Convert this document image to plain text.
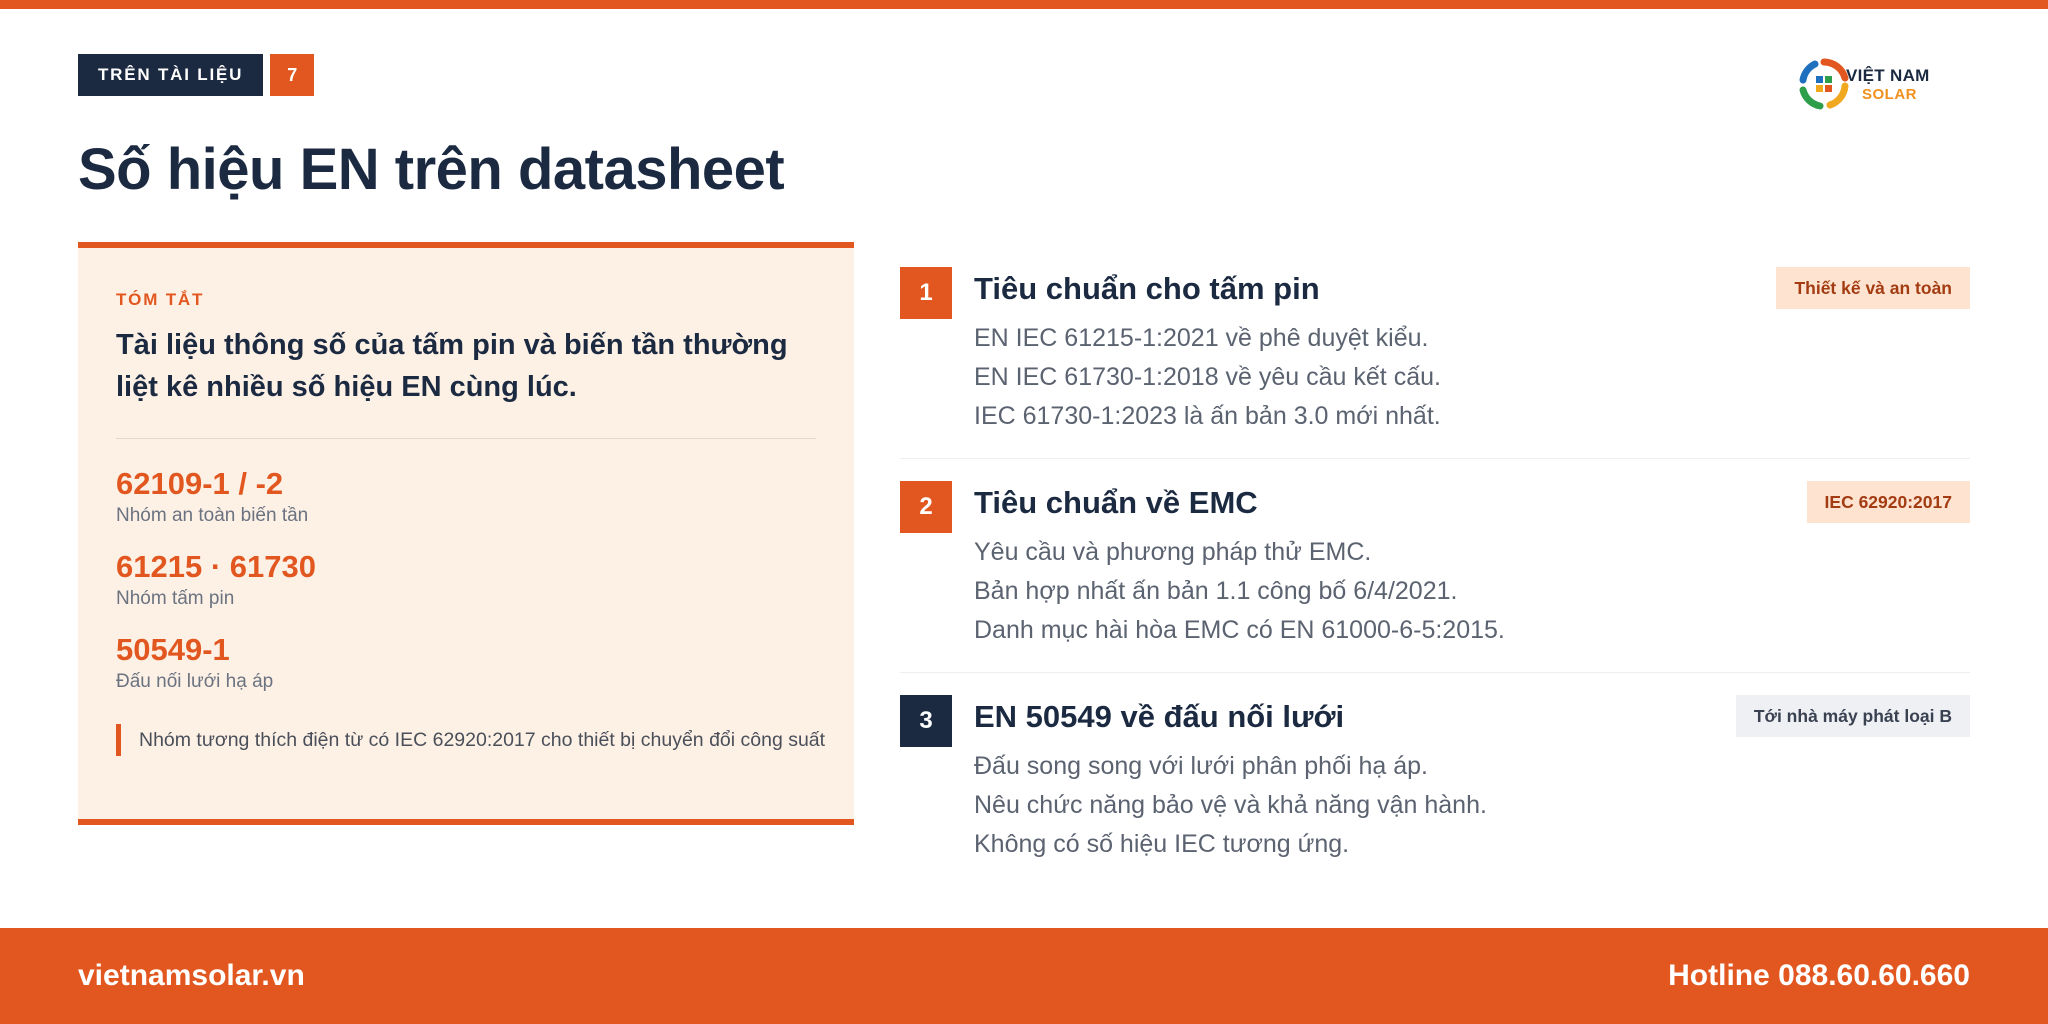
TRÊN TÀI LIỆU	7	VIỆT NAM
SOLAR
Số hiệu EN trên datasheet
TÓM TẮT
Tài liệu thông số của tấm pin và biến tần thường liệt kê nhiều số hiệu EN cùng lúc.
62109-1 / -2
Nhóm an toàn biến tần
61215 · 61730
Nhóm tấm pin
50549-1
Đấu nối lưới hạ áp
Nhóm tương thích điện từ có IEC 62920:2017 cho thiết bị chuyển đổi công suất
1	Tiêu chuẩn cho tấm pin	Thiết kế và an toàn
EN IEC 61215-1:2021 về phê duyệt kiểu.
EN IEC 61730-1:2018 về yêu cầu kết cấu.
IEC 61730-1:2023 là ấn bản 3.0 mới nhất.
2	Tiêu chuẩn về EMC	IEC 62920:2017
Yêu cầu và phương pháp thử EMC.
Bản hợp nhất ấn bản 1.1 công bố 6/4/2021.
Danh mục hài hòa EMC có EN 61000-6-5:2015.
3	EN 50549 về đấu nối lưới	Tới nhà máy phát loại B
Đấu song song với lưới phân phối hạ áp.
Nêu chức năng bảo vệ và khả năng vận hành.
Không có số hiệu IEC tương ứng.
vietnamsolar.vn	Hotline 088.60.60.660
